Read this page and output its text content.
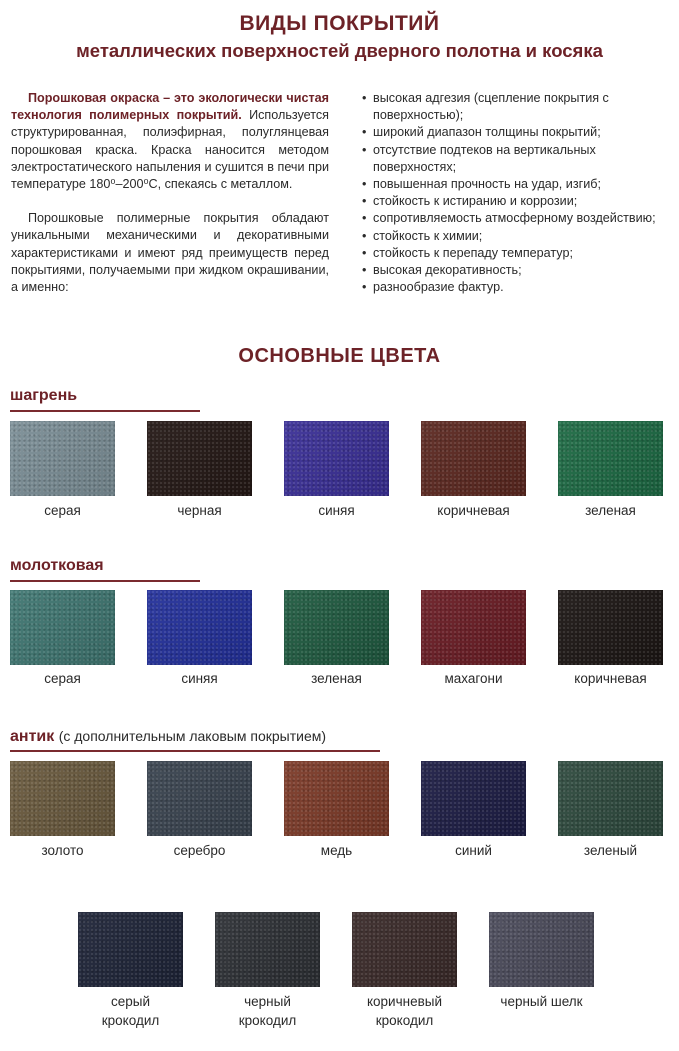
ВИДЫ ПОКРЫТИЙ
металлических поверхностей дверного полотна и косяка

Порошковая окраска – это экологически чистая технология полимерных покрытий. Используется структурированная, полиэфирная, полуглянцевая порошковая краска. Краска наносится методом электростатического напыления и сушится в печи при температуре 180⁰–200⁰С, спекаясь с металлом.

Порошковые полимерные покрытия обладают уникальными механическими и декоративными характеристиками и имеют ряд преимуществ перед покрытиями, получаемыми при жидком окрашивании, а именно:

• высокая адгезия (сцепление покрытия с поверхностью);
• широкий диапазон толщины покрытий;
• отсутствие подтеков на вертикальных поверхностях;
• повышенная прочность на удар, изгиб;
• стойкость к истиранию и коррозии;
• сопротивляемость атмосферному воздействию;
• стойкость к химии;
• стойкость к перепаду температур;
• высокая декоративность;
• разнообразие фактур.
ОСНОВНЫЕ ЦВЕТА
шагрень
серая	черная	синяя	коричневая	зеленая
молотковая
серая	синяя	зеленая	махагони	коричневая
антик (с дополнительным лаковым покрытием)
золото	серебро	медь	синий	зеленый
серый
крокодил
черный
крокодил
коричневый
крокодил
черный шелк
